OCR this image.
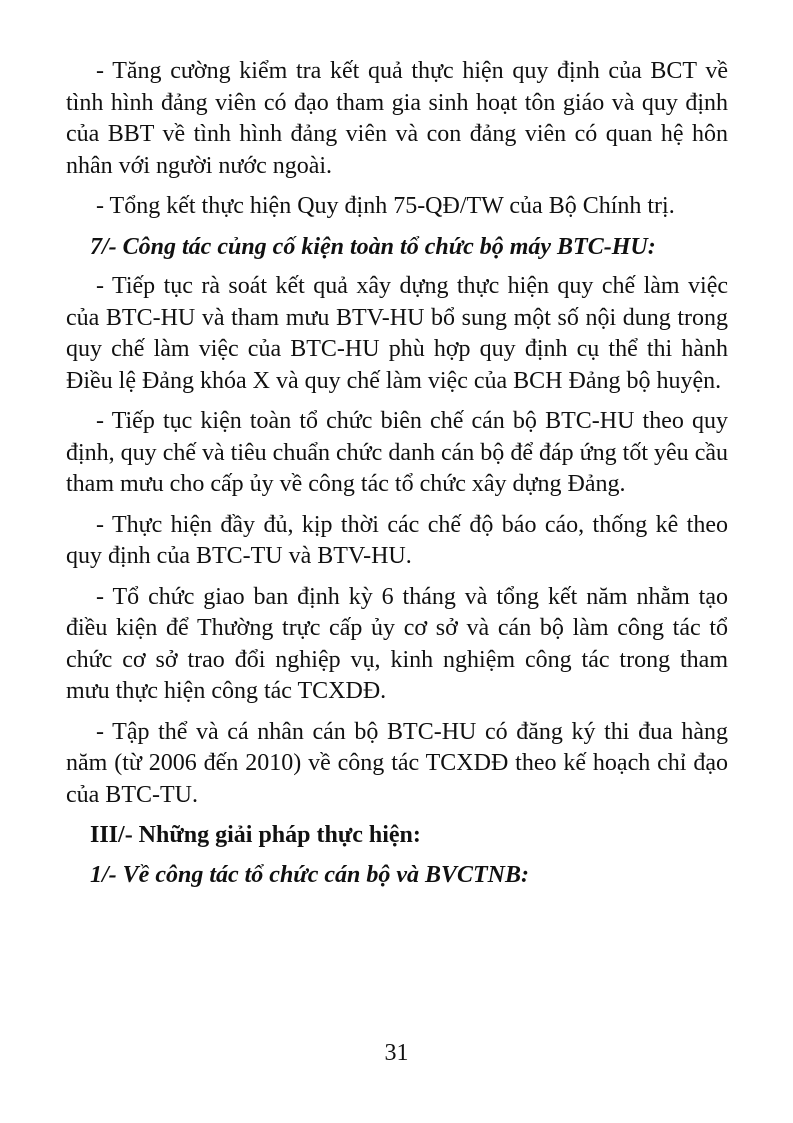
- Tăng cường kiểm tra kết quả thực hiện quy định của BCT về tình hình đảng viên có đạo tham gia sinh hoạt tôn giáo và quy định của BBT về tình hình đảng viên và con đảng viên có quan hệ hôn nhân với người nước ngoài.

- Tổng kết thực hiện Quy định 75-QĐ/TW của Bộ Chính trị.

7/- Công tác củng cố kiện toàn tổ chức bộ máy BTC-HU:

- Tiếp tục rà soát kết quả xây dựng thực hiện quy chế làm việc của BTC-HU và tham mưu BTV-HU bổ sung một số nội dung trong quy chế làm việc của BTC-HU phù hợp quy định cụ thể thi hành Điều lệ Đảng khóa X và quy chế làm việc của BCH Đảng bộ huyện.

- Tiếp tục kiện toàn tổ chức biên chế cán bộ BTC-HU theo quy định, quy chế và tiêu chuẩn chức danh cán bộ để đáp ứng tốt yêu cầu tham mưu cho cấp ủy về công tác tổ chức xây dựng Đảng.

- Thực hiện đầy đủ, kịp thời các chế độ báo cáo, thống kê theo quy định của BTC-TU và BTV-HU.

- Tổ chức giao ban định kỳ 6 tháng và tổng kết năm nhằm tạo điều kiện để Thường trực cấp ủy cơ sở và cán bộ làm công tác tổ chức cơ sở trao đổi nghiệp vụ, kinh nghiệm công tác trong tham mưu thực hiện công tác TCXDĐ.

- Tập thể và cá nhân cán bộ BTC-HU có đăng ký thi đua hàng năm (từ 2006 đến 2010) về công tác TCXDĐ theo kế hoạch chỉ đạo của BTC-TU.

III/- Những giải pháp thực hiện:

1/- Về công tác tổ chức cán bộ và BVCTNB:

31
